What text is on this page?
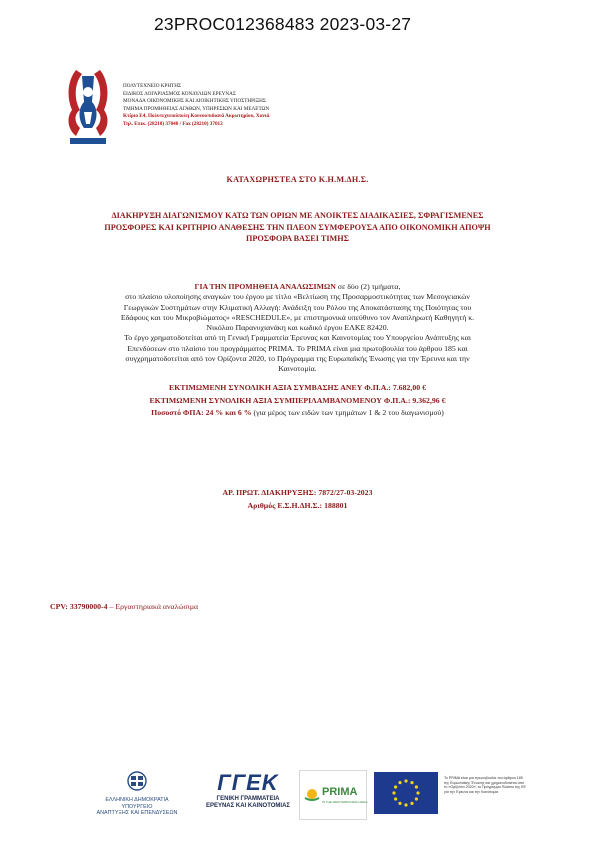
23PROC012368483 2023-03-27
ΠΟΛΥΤΕΧΝΕΙΟ ΚΡΗΤΗΣ
ΕΙΔΙΚΟΣ ΛΟΓΑΡΙΑΣΜΟΣ ΚΟΝΔΥΛΙΩΝ ΕΡΕΥΝΑΣ
ΜΟΝΑΔΑ ΟΙΚΟΝΟΜΙΚΗΣ ΚΑΙ ΔΙΟΙΚΗΤΙΚΗΣ ΥΠΟΣΤΗΡΙΞΗΣ
ΤΜΗΜΑ ΠΡΟΜΗΘΕΙΑΣ ΑΓΑΘΩΝ, ΥΠΗΡΕΣΙΩΝ ΚΑΙ ΜΕΛΕΤΩΝ
Κτίριο Ε4, Πολυτεχνειούπολη Κουνουπιδιανά Ακρωτηρίου, Χανιά
Τηλ. Επικ. (28210) 37040 / Fax (28210) 37012
ΚΑΤΑΧΩΡΗΣΤΕΑ ΣΤΟ Κ.Η.Μ.ΔΗ.Σ.
ΔΙΑΚΗΡΥΞΗ ΔΙΑΓΩΝΙΣΜΟΥ ΚΑΤΩ ΤΩΝ ΟΡΙΩΝ ΜΕ ΑΝΟΙΚΤΕΣ ΔΙΑΔΙΚΑΣΙΕΣ, ΣΦΡΑΓΙΣΜΕΝΕΣ
ΠΡΟΣΦΟΡΕΣ ΚΑΙ ΚΡΙΤΗΡΙΟ ΑΝΑΘΕΣΗΣ ΤΗΝ ΠΛΕΟΝ ΣΥΜΦΕΡΟΥΣΑ ΑΠΟ ΟΙΚΟΝΟΜΙΚΗ ΑΠΟΨΗ
ΠΡΟΣΦΟΡΑ ΒΑΣΕΙ ΤΙΜΗΣ
ΓΙΑ ΤΗΝ ΠΡΟΜΗΘΕΙΑ ΑΝΑΛΩΣΙΜΩΝ σε δύο (2) τμήματα,
στο πλαίσιο υλοποίησης αναγκών του έργου με τίτλο «Βελτίωση της Προσαρμοστικότητας των Μεσογειακών
Γεωργικών Συστημάτων στην Κλιματική Αλλαγή: Ανάδειξη του Ρόλου της Αποκατάστασης της Ποιότητας του
Εδάφους και του Μικροβιώματος» «RESCHEDULE», με επιστημονικά υπεύθυνο τον Αναπληρωτή Καθηγητή κ.
Νικόλαο Παρανυχιανάκη και κωδικό έργου ΕΛΚΕ 82420.
Το έργο χρηματοδοτείται από τη Γενική Γραμματεία Έρευνας και Καινοτομίας του Υπουργείου Ανάπτυξης και
Επενδύσεων στο πλαίσιο του προγράμματος PRIMA. Το PRIMA είναι μια πρωτοβουλία του άρθρου 185 και
συγχρηματοδοτείται από τον Ορίζοντα 2020, το Πρόγραμμα της Ευρωπαϊκής Ένωσης για την Έρευνα και την
Καινοτομία.
ΕΚΤΙΜΩΜΕΝΗ ΣΥΝΟΛΙΚΗ ΑΞΙΑ ΣΥΜΒΑΣΗΣ ΑΝΕΥ Φ.Π.Α.: 7.682,00 €
ΕΚΤΙΜΩΜΕΝΗ ΣΥΝΟΛΙΚΗ ΑΞΙΑ ΣΥΜΠΕΡΙΛΑΜΒΑΝΟΜΕΝΟΥ Φ.Π.Α.: 9.362,96 €
Ποσοστό ΦΠΑ: 24 % και 6 % (για μέρος των ειδών των τμημάτων 1 & 2 του διαγωνισμού)
ΑΡ. ΠΡΩΤ. ΔΙΑΚΗΡΥΞΗΣ: 7872/27-03-2023
Αριθμός Ε.Σ.Η.ΔΗ.Σ.: 188801
CPV: 33790000-4 – Εργαστηριακά αναλώσιμα
ΕΛΛΗΝΙΚΗ ΔΗΜΟΚΡΑΤΙΑ
ΥΠΟΥΡΓΕΙΟ
ΑΝΑΠΤΥΞΗΣ ΚΑΙ ΕΠΕΝΔΥΣΕΩΝ
ΓΓΕΚ
ΓΕΝΙΚΗ ΓΡΑΜΜΑΤΕΙΑ
ΕΡΕΥΝΑΣ ΚΑΙ ΚΑΙΝΟΤΟΜΙΑΣ
PRIMA
IN THE MEDITERRANEAN AREA
Το PRIMA είναι μια πρωτοβουλία του άρθρου 185 της Ευρωπαϊκής Ένωσης και χρηματοδοτείται από το «Ορίζοντα 2020», το Πρόγραμμα Πλαίσιο της ΕΕ για την Έρευνα και την Καινοτομία
